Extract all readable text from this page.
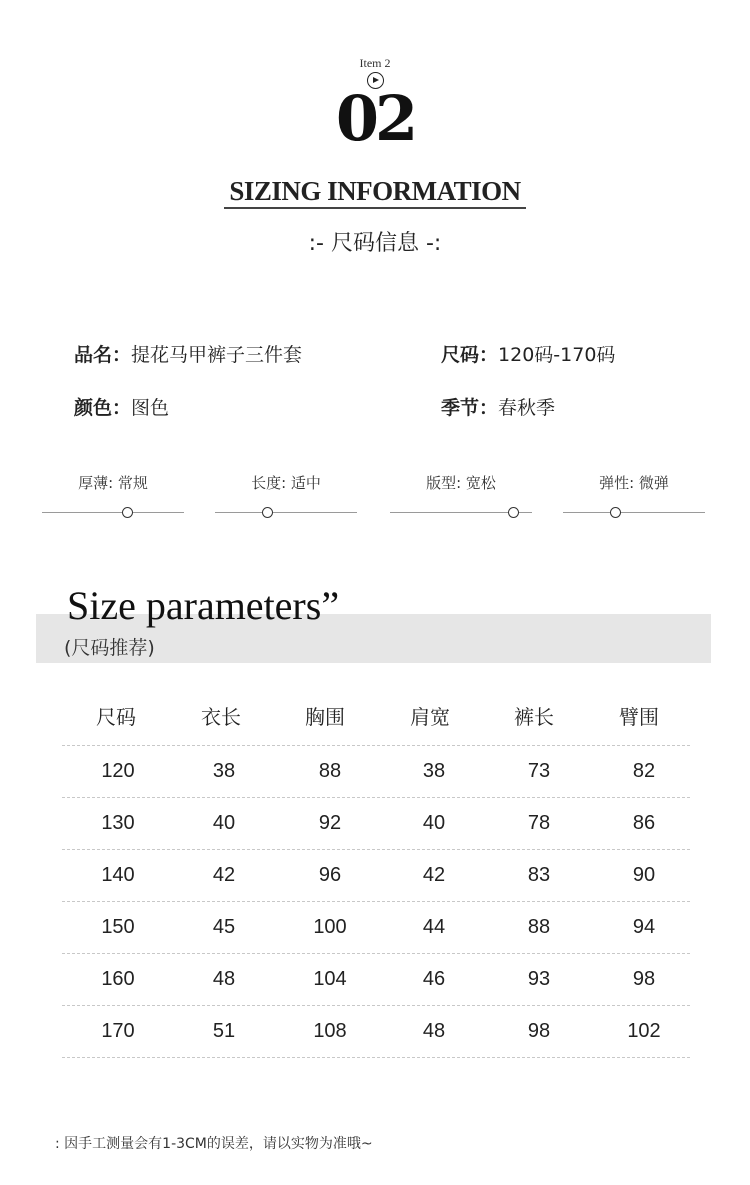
Item 2
02
SIZING INFORMATION
:- 尺码信息 -:
品名：提花马甲裤子三件套	尺码：120码-170码
颜色：图色	季节：春秋季
厚薄: 常规	长度: 适中	版型: 宽松	弹性: 微弹
Size parameters”
(尺码推荐)
尺码	衣长	胸围	肩宽	裤长	臂围
120	38	88	38	73	82
130	40	92	40	78	86
140	42	96	42	83	90
150	45	100	44	88	94
160	48	104	46	93	98
170	51	108	48	98	102
: 因手工测量会有1-3CM的误差，请以实物为准哦~
